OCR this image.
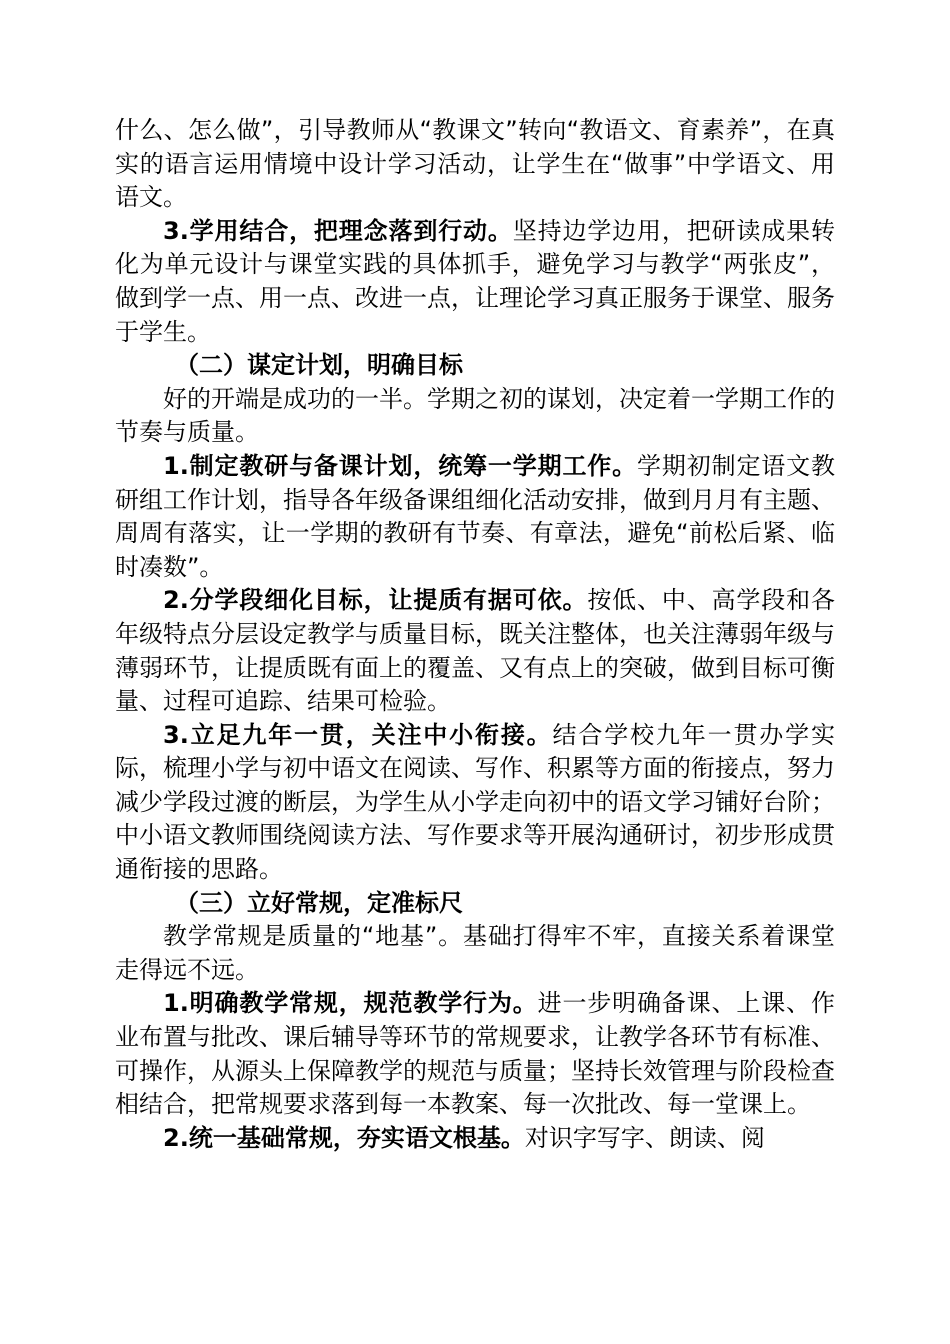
什么、怎么做”，引导教师从“教课文”转向“教语文、育素养”，在真实的语言运用情境中设计学习活动，让学生在“做事”中学语文、用语文。

3.学用结合，把理念落到行动。坚持边学边用，把研读成果转化为单元设计与课堂实践的具体抓手，避免学习与教学“两张皮”，做到学一点、用一点、改进一点，让理论学习真正服务于课堂、服务于学生。

（二）谋定计划，明确目标

好的开端是成功的一半。学期之初的谋划，决定着一学期工作的节奏与质量。

1.制定教研与备课计划，统筹一学期工作。学期初制定语文教研组工作计划，指导各年级备课组细化活动安排，做到月月有主题、周周有落实，让一学期的教研有节奏、有章法，避免“前松后紧、临时凑数”。

2.分学段细化目标，让提质有据可依。按低、中、高学段和各年级特点分层设定教学与质量目标，既关注整体，也关注薄弱年级与薄弱环节，让提质既有面上的覆盖、又有点上的突破，做到目标可衡量、过程可追踪、结果可检验。

3.立足九年一贯，关注中小衔接。结合学校九年一贯办学实际，梳理小学与初中语文在阅读、写作、积累等方面的衔接点，努力减少学段过渡的断层，为学生从小学走向初中的语文学习铺好台阶；中小语文教师围绕阅读方法、写作要求等开展沟通研讨，初步形成贯通衔接的思路。

（三）立好常规，定准标尺

教学常规是质量的“地基”。基础打得牢不牢，直接关系着课堂走得远不远。

1.明确教学常规，规范教学行为。进一步明确备课、上课、作业布置与批改、课后辅导等环节的常规要求，让教学各环节有标准、可操作，从源头上保障教学的规范与质量；坚持长效管理与阶段检查相结合，把常规要求落到每一本教案、每一次批改、每一堂课上。

2.统一基础常规，夯实语文根基。对识字写字、朗读、阅
